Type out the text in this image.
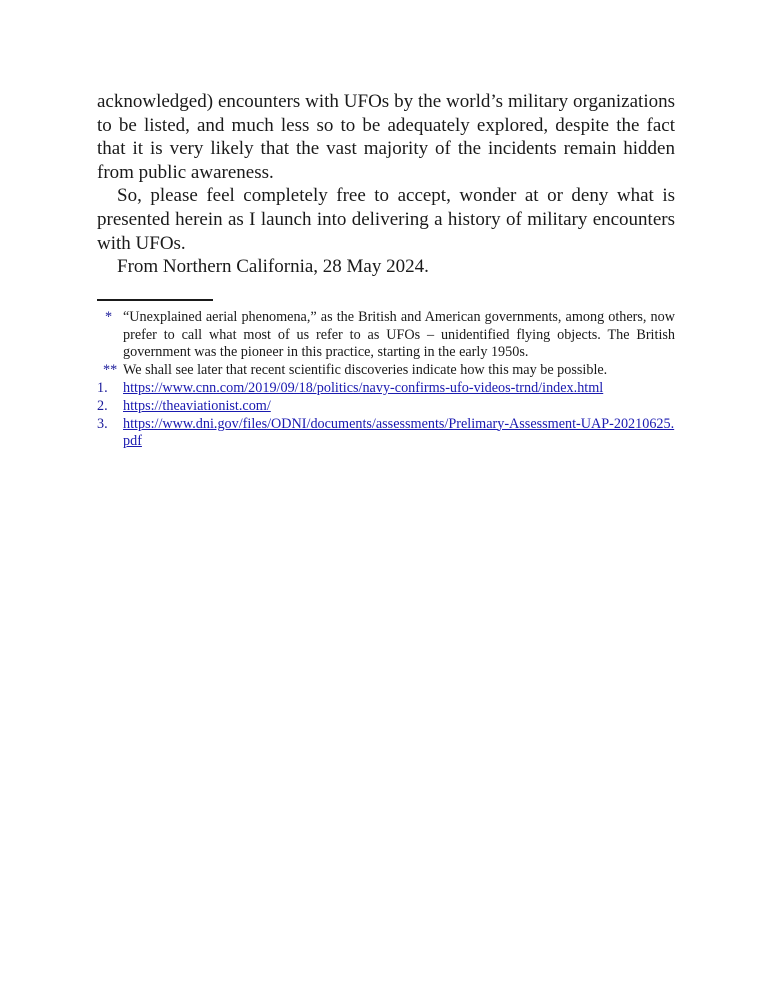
acknowledged) encounters with UFOs by the world’s military organizations to be listed, and much less so to be adequately explored, despite the fact that it is very likely that the vast majority of the incidents remain hidden from public awareness.

So, please feel completely free to accept, wonder at or deny what is presented herein as I launch into delivering a history of military encounters with UFOs.

From Northern California, 28 May 2024.

* “Unexplained aerial phenomena,” as the British and American governments, among others, now prefer to call what most of us refer to as UFOs – unidentified flying objects. The British government was the pioneer in this practice, starting in the early 1950s.
** We shall see later that recent scientific discoveries indicate how this may be possible.
1.	https://www.cnn.com/2019/09/18/politics/navy-confirms-ufo-videos-trnd/index.html
2.	https://theaviationist.com/
3.	https://www.dni.gov/files/ODNI/documents/assessments/Prelimary-Assessment-UAP-20210625.pdf
